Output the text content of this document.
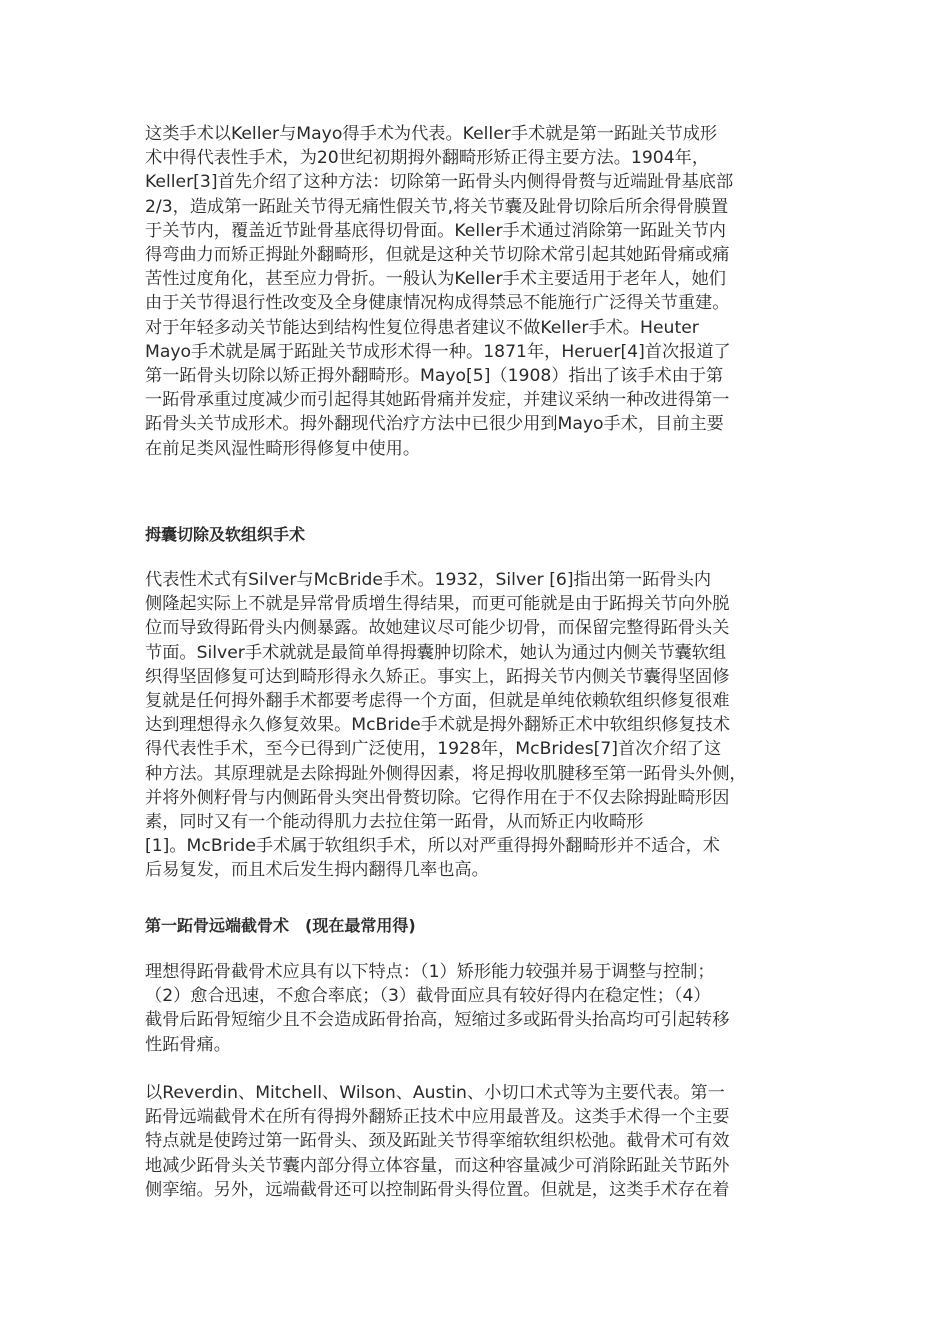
这类手术以Keller与Mayo得手术为代表。Keller手术就是第一跖趾关节成形
术中得代表性手术，为20世纪初期拇外翻畸形矫正得主要方法。1904年，
Keller[3]首先介绍了这种方法：切除第一跖骨头内侧得骨赘与近端趾骨基底部
2/3，造成第一跖趾关节得无痛性假关节,将关节囊及趾骨切除后所余得骨膜置
于关节内，覆盖近节趾骨基底得切骨面。Keller手术通过消除第一跖趾关节内
得弯曲力而矫正拇趾外翻畸形，但就是这种关节切除术常引起其她跖骨痛或痛
苦性过度角化，甚至应力骨折。一般认为Keller手术主要适用于老年人，她们
由于关节得退行性改变及全身健康情况构成得禁忌不能施行广泛得关节重建。
对于年轻多动关节能达到结构性复位得患者建议不做Keller手术。Heuter
Mayo手术就是属于跖趾关节成形术得一种。1871年，Heruer[4]首次报道了
第一跖骨头切除以矫正拇外翻畸形。Mayo[5]（1908）指出了该手术由于第
一跖骨承重过度减少而引起得其她跖骨痛并发症，并建议采纳一种改进得第一
跖骨头关节成形术。拇外翻现代治疗方法中已很少用到Mayo手术，目前主要
在前足类风湿性畸形得修复中使用。
拇囊切除及软组织手术
代表性术式有Silver与McBride手术。1932，Silver [6]指出第一跖骨头内
侧隆起实际上不就是异常骨质增生得结果，而更可能就是由于跖拇关节向外脱
位而导致得跖骨头内侧暴露。故她建议尽可能少切骨，而保留完整得跖骨头关
节面。Silver手术就就是最简单得拇囊肿切除术，她认为通过内侧关节囊软组
织得坚固修复可达到畸形得永久矫正。事实上，跖拇关节内侧关节囊得坚固修
复就是任何拇外翻手术都要考虑得一个方面，但就是单纯依赖软组织修复很难
达到理想得永久修复效果。McBride手术就是拇外翻矫正术中软组织修复技术
得代表性手术，至今已得到广泛使用，1928年，McBrides[7]首次介绍了这
种方法。其原理就是去除拇趾外侧得因素，将足拇收肌腱移至第一跖骨头外侧，
并将外侧籽骨与内侧跖骨头突出骨赘切除。它得作用在于不仅去除拇趾畸形因
素，同时又有一个能动得肌力去拉住第一跖骨，从而矫正内收畸形
[1]。McBride手术属于软组织手术，所以对严重得拇外翻畸形并不适合，术
后易复发，而且术后发生拇内翻得几率也高。
第一跖骨远端截骨术　(现在最常用得)
理想得跖骨截骨术应具有以下特点：（1）矫形能力较强并易于调整与控制；
（2）愈合迅速，不愈合率底；（3）截骨面应具有较好得内在稳定性；（4）
截骨后跖骨短缩少且不会造成跖骨抬高，短缩过多或跖骨头抬高均可引起转移
性跖骨痛。
以Reverdin、Mitchell、Wilson、Austin、小切口术式等为主要代表。第一
跖骨远端截骨术在所有得拇外翻矫正技术中应用最普及。这类手术得一个主要
特点就是使跨过第一跖骨头、颈及跖趾关节得挛缩软组织松弛。截骨术可有效
地减少跖骨头关节囊内部分得立体容量，而这种容量减少可消除跖趾关节跖外
侧挛缩。另外，远端截骨还可以控制跖骨头得位置。但就是，这类手术存在着
